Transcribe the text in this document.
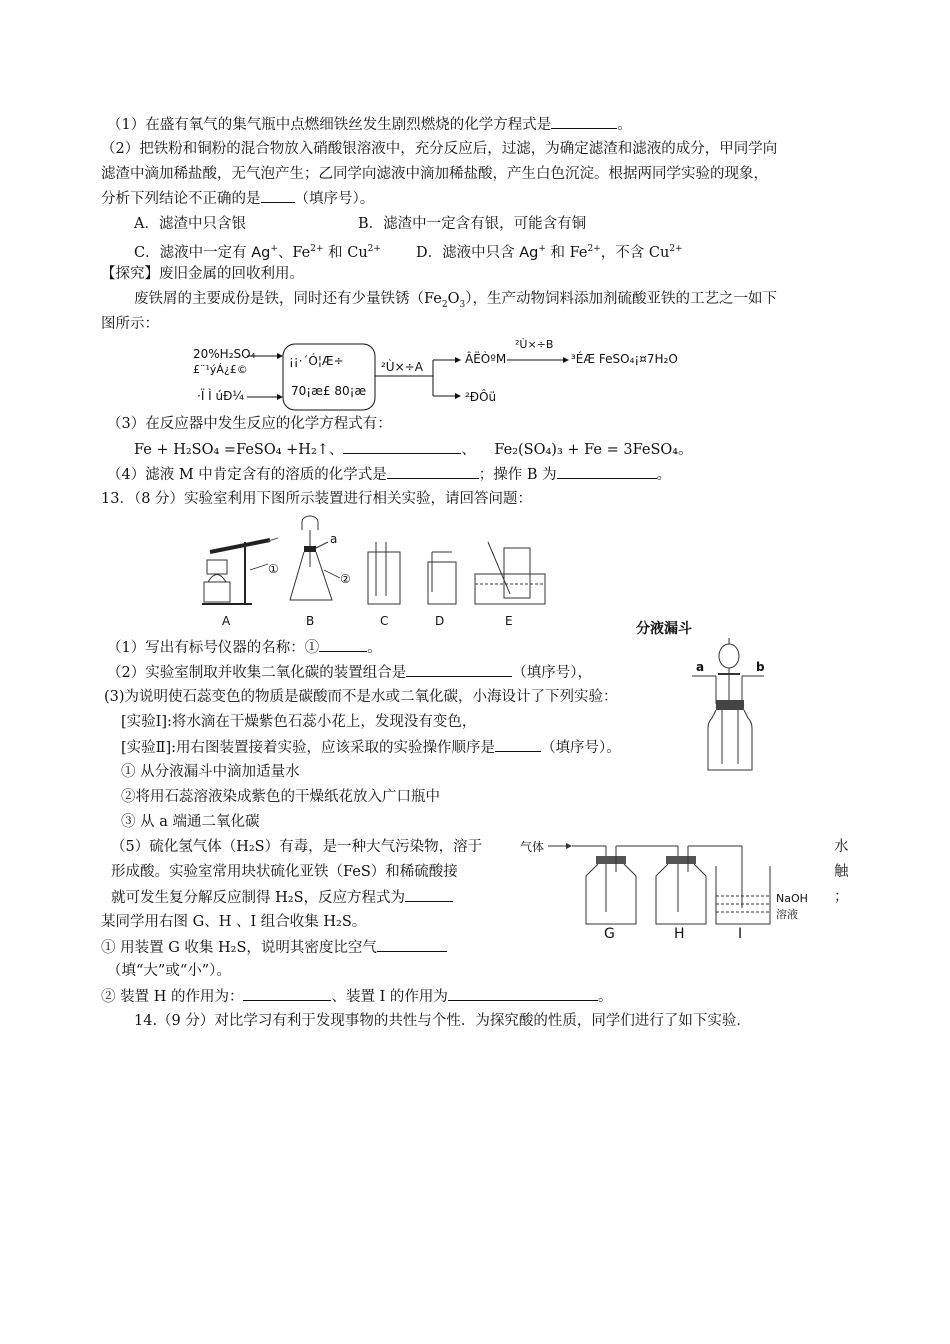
（1）在盛有氧气的集气瓶中点燃细铁丝发生剧烈燃烧的化学方程式是	。
（2）把铁粉和铜粉的混合物放入硝酸银溶液中，充分反应后，过滤，为确定滤渣和滤液的成分，甲同学向
滤渣中滴加稀盐酸，无气泡产生；乙同学向滤液中滴加稀盐酸，产生白色沉淀。根据两同学实验的现象，
分析下列结论不正确的是 （填序号）。
A．滤渣中只含银	B．滤渣中一定含有银，可能含有铜
C．滤液中一定有 Ag+、$Fe^{2+}$ 和 $Cu^{2+}$ D．滤液中只含 Ag+ 和 $Fe^{2+}$，不含 $Cu^{2+}$
【探究】废旧金属的回收利用。
废铁屑的主要成份是铁，同时还有少量铁锈$(Fe_2O_3)$，生产动物饲料添加剂硫酸亚铁的工艺之一如下
图所示：
20%H₂SO₄
£¨¹ýÁ¿£©
·Ï Ì úÐ¼
¡¡·´Ó¦Æ÷
70¡æ£ 80¡æ
²Ù×÷A
ÂËÒºM
²Ù×÷B
³ÉÆ FeSO₄¡¤7H₂O
²ÐÔü
（3）在反应器中发生反应的化学方程式有：
Fe + H₂SO₄ =FeSO₄ +H₂↑、	、 Fe₂(SO₄)₃ + Fe = 3FeSO₄。
（4）滤液 M 中肯定含有的溶质的化学式是	；操作 B 为	。
13．（8 分）实验室利用下图所示装置进行相关实验，请回答问题：
①
②
a
A	B	C	D	E	分液漏斗
a	b
（1）写出有标号仪器的名称：①	。
（2）实验室制取并收集二氧化碳的装置组合是	（填序号），
(3)为说明使石蕊变色的物质是碳酸而不是水或二氧化碳，小海设计了下列实验：
[实验Ⅰ]:将水滴在干燥紫色石蕊小花上，发现没有变色，
[实验Ⅱ]:用右图装置接着实验，应该采取的实验操作顺序是	（填序号）。
① 从分液漏斗中滴加适量水
②将用石蕊溶液染成紫色的干燥纸花放入广口瓶中
③ 从 a 端通二氧化碳
（5）硫化氢气体（H₂S）有毒，是一种大气污染物，溶于	水
形成酸。实验室常用块状硫化亚铁（FeS）和稀硫酸接	触
就可发生复分解反应制得 H₂S，反应方程式为	；
某同学用右图 G、H 、I 组合收集 H₂S。
① 用装置 G 收集 H₂S，说明其密度比空气
（填“大”或“小”）。
② 装置 H 的作用为：	、装置 I 的作用为	。
气体
NaOH
溶液
G	H	I
14.（9 分）对比学习有利于发现事物的共性与个性．为探究酸的性质，同学们进行了如下实验．
